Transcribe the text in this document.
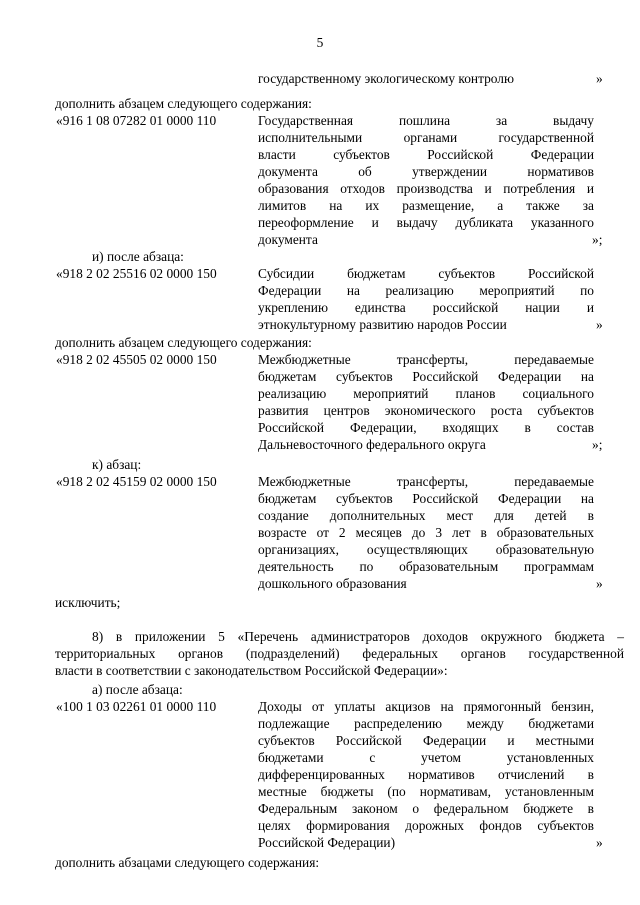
государственному экологическому контролю	»
дополнить абзацем следующего содержания:
«916 1 08 07282 01 0000 110	Государственная пошлина за выдачу
исполнительными органами государственной
власти субъектов Российской Федерации
документа об утверждении нормативов
образования отходов производства и потребления и
лимитов на их размещение, а также за
переоформление и выдачу дубликата указанного
документа	»;
и) после абзаца:
«918 2 02 25516 02 0000 150	Субсидии бюджетам субъектов Российской
Федерации на реализацию мероприятий по
укреплению единства российской нации и
этнокультурному развитию народов России	»
дополнить абзацем следующего содержания:
«918 2 02 45505 02 0000 150	Межбюджетные трансферты, передаваемые
бюджетам субъектов Российской Федерации на
реализацию мероприятий планов социального
развития центров экономического роста субъектов
Российской Федерации, входящих в состав
Дальневосточного федерального округа	»;
к) абзац:
«918 2 02 45159 02 0000 150	Межбюджетные трансферты, передаваемые
бюджетам субъектов Российской Федерации на
создание дополнительных мест для детей в
возрасте от 2 месяцев до 3 лет в образовательных
организациях, осуществляющих образовательную
деятельность по образовательным программам
дошкольного образования	»
исключить;
8) в приложении 5 «Перечень администраторов доходов окружного бюджета –
территориальных органов (подразделений) федеральных органов государственной
власти в соответствии с законодательством Российской Федерации»:
а) после абзаца:
«100 1 03 02261 01 0000 110	Доходы от уплаты акцизов на прямогонный бензин,
подлежащие распределению между бюджетами
субъектов Российской Федерации и местными
бюджетами с учетом установленных
дифференцированных нормативов отчислений в
местные бюджеты (по нормативам, установленным
Федеральным законом о федеральном бюджете в
целях формирования дорожных фондов субъектов
Российской Федерации)	»
дополнить абзацами следующего содержания:
5
